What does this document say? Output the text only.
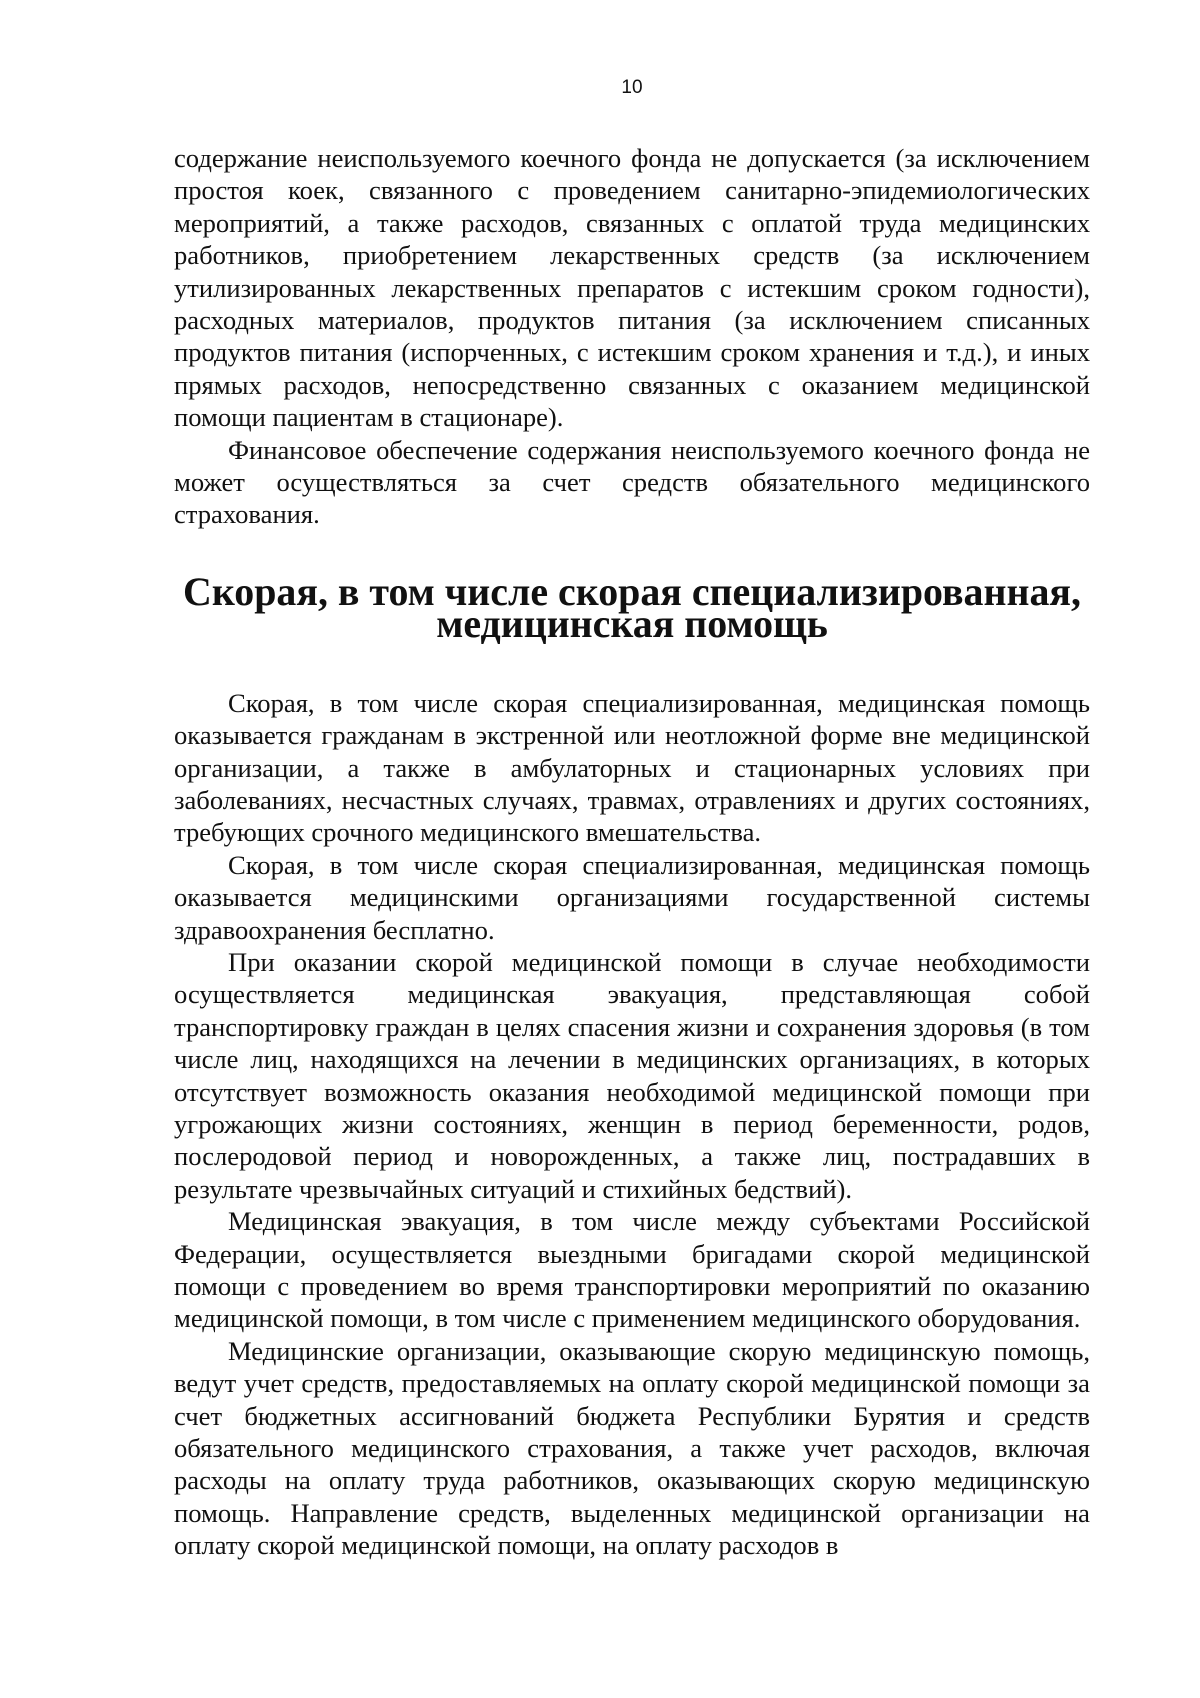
10

содержание неиспользуемого коечного фонда не допускается (за исключением простоя коек, связанного с проведением санитарно-эпидемиологических мероприятий, а также расходов, связанных с оплатой труда медицинских работников, приобретением лекарственных средств (за исключением утилизированных лекарственных препаратов с истекшим сроком годности), расходных материалов, продуктов питания (за исключением списанных продуктов питания (испорченных, с истекшим сроком хранения и т.д.), и иных прямых расходов, непосредственно связанных с оказанием медицинской помощи пациентам в стационаре).

Финансовое обеспечение содержания неиспользуемого коечного фонда не может осуществляться за счет средств обязательного медицинского страхования.

Скорая, в том числе скорая специализированная,
медицинская помощь

Скорая, в том числе скорая специализированная, медицинская помощь оказывается гражданам в экстренной или неотложной форме вне медицинской организации, а также в амбулаторных и стационарных условиях при заболеваниях, несчастных случаях, травмах, отравлениях и других состояниях, требующих срочного медицинского вмешательства.

Скорая, в том числе скорая специализированная, медицинская помощь оказывается медицинскими организациями государственной системы здравоохранения бесплатно.

При оказании скорой медицинской помощи в случае необходимости осуществляется медицинская эвакуация, представляющая собой транспортировку граждан в целях спасения жизни и сохранения здоровья (в том числе лиц, находящихся на лечении в медицинских организациях, в которых отсутствует возможность оказания необходимой медицинской помощи при угрожающих жизни состояниях, женщин в период беременности, родов, послеродовой период и новорожденных, а также лиц, пострадавших в результате чрезвычайных ситуаций и стихийных бедствий).

Медицинская эвакуация, в том числе между субъектами Российской Федерации, осуществляется выездными бригадами скорой медицинской помощи с проведением во время транспортировки мероприятий по оказанию медицинской помощи, в том числе с применением медицинского оборудования.

Медицинские организации, оказывающие скорую медицинскую помощь, ведут учет средств, предоставляемых на оплату скорой медицинской помощи за счет бюджетных ассигнований бюджета Республики Бурятия и средств обязательного медицинского страхования, а также учет расходов, включая расходы на оплату труда работников, оказывающих скорую медицинскую помощь. Направление средств, выделенных медицинской организации на оплату скорой медицинской помощи, на оплату расходов в
